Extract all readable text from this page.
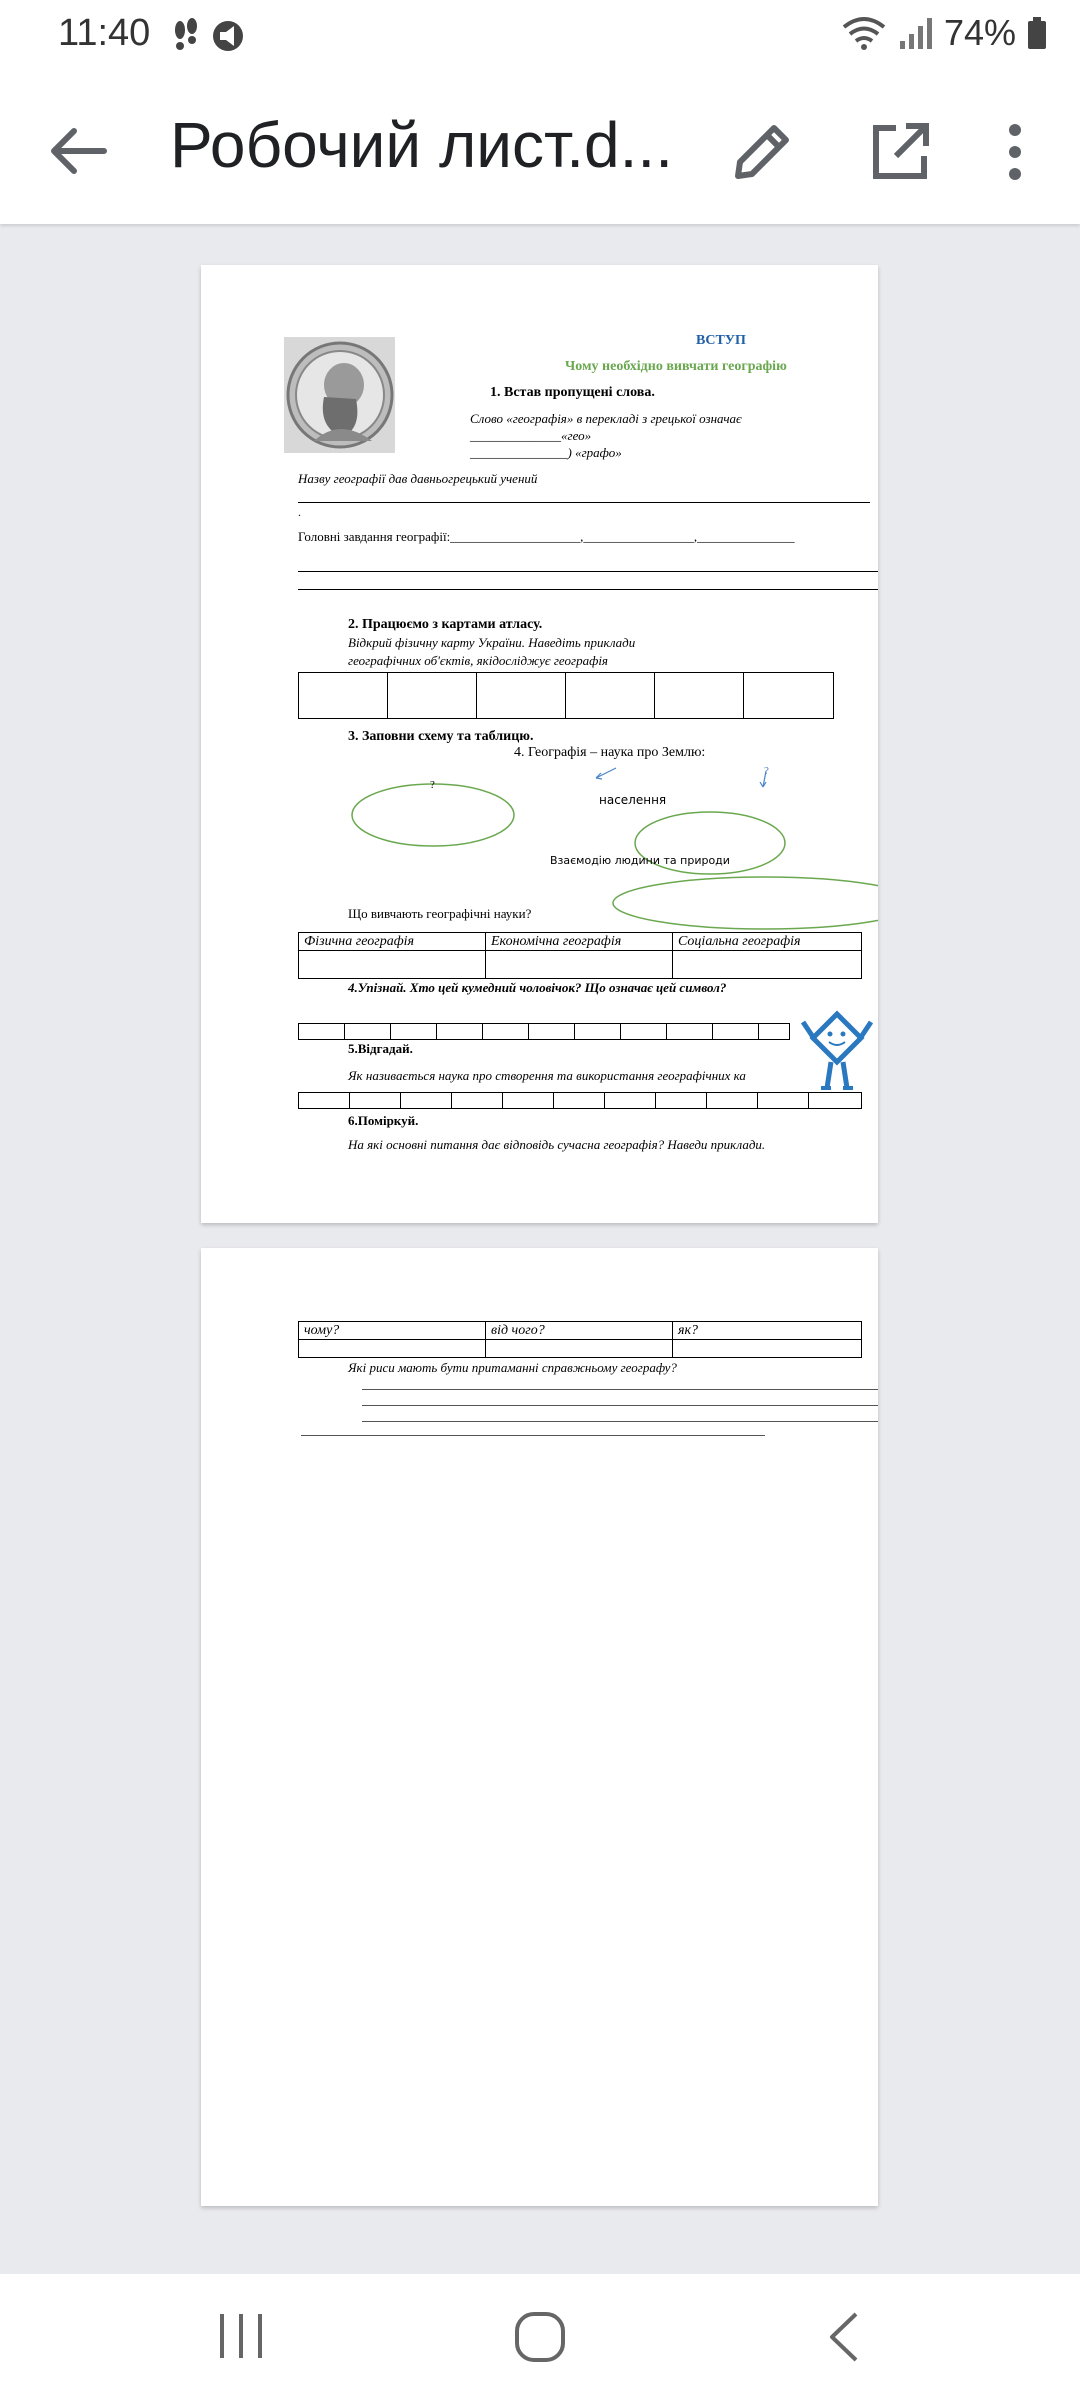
11:40	74%
Робочий лист.d...
ВСТУП
Чому необхідно вивчати географію
1. Встав пропущені слова.
Слово «географія» в перекладі з грецької означає
______________«гео»
_______________) «графо»
Назву географії дав давньогрецький учений
.
Головні завдання географії:____________________,_________________,_______________
2. Працюємо з картами атласу.
Відкрий фізичну карту України. Наведіть приклади
географічних об'єктів, якідосліджує географія
3. Заповни схему та таблицю.
4. Географія – наука про Землю:
?
?
населення
Взаємодію людини та природи
Що вивчають географічні науки?
Фізична географія	Економічна географія	Соціальна географія

4.Упізнай. Хто цей кумедний чоловічок? Що означає цей символ?
5.Відгадай.
Як називається наука про створення та використання географічних ка
6.Поміркуй.
На які основні питання дає відповідь сучасна географія? Наведи приклади.
чому?	від чого?	як?

Які риси мають бути притаманні справжньому географу?
